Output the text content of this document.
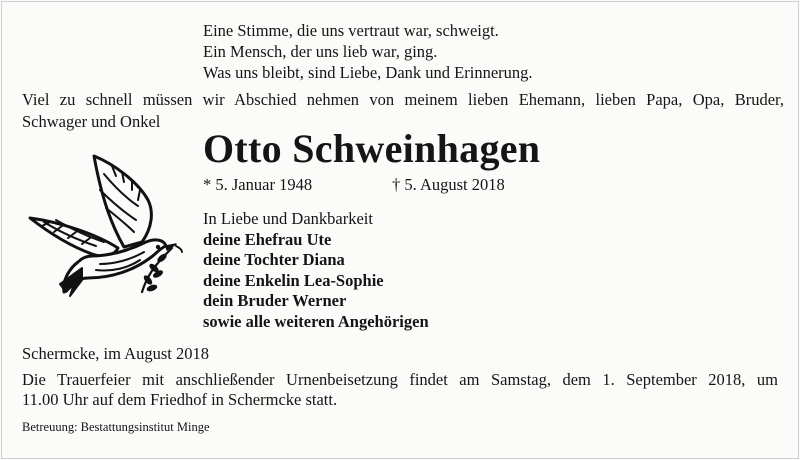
Eine Stimme, die uns vertraut war, schweigt.
Ein Mensch, der uns lieb war, ging.
Was uns bleibt, sind Liebe, Dank und Erinnerung.
Viel zu schnell müssen wir Abschied nehmen von meinem lieben Ehemann, lieben Papa, Opa, Bruder,
Schwager und Onkel
Otto Schweinhagen
* 5. Januar 1948	† 5. August 2018
In Liebe und Dankbarkeit
deine Ehefrau Ute
deine Tochter Diana
deine Enkelin Lea-Sophie
dein Bruder Werner
sowie alle weiteren Angehörigen
Schermcke, im August 2018
Die Trauerfeier mit anschließender Urnenbeisetzung findet am Samstag, dem 1. September 2018, um
11.00 Uhr auf dem Friedhof in Schermcke statt.
Betreuung: Bestattungsinstitut Minge
